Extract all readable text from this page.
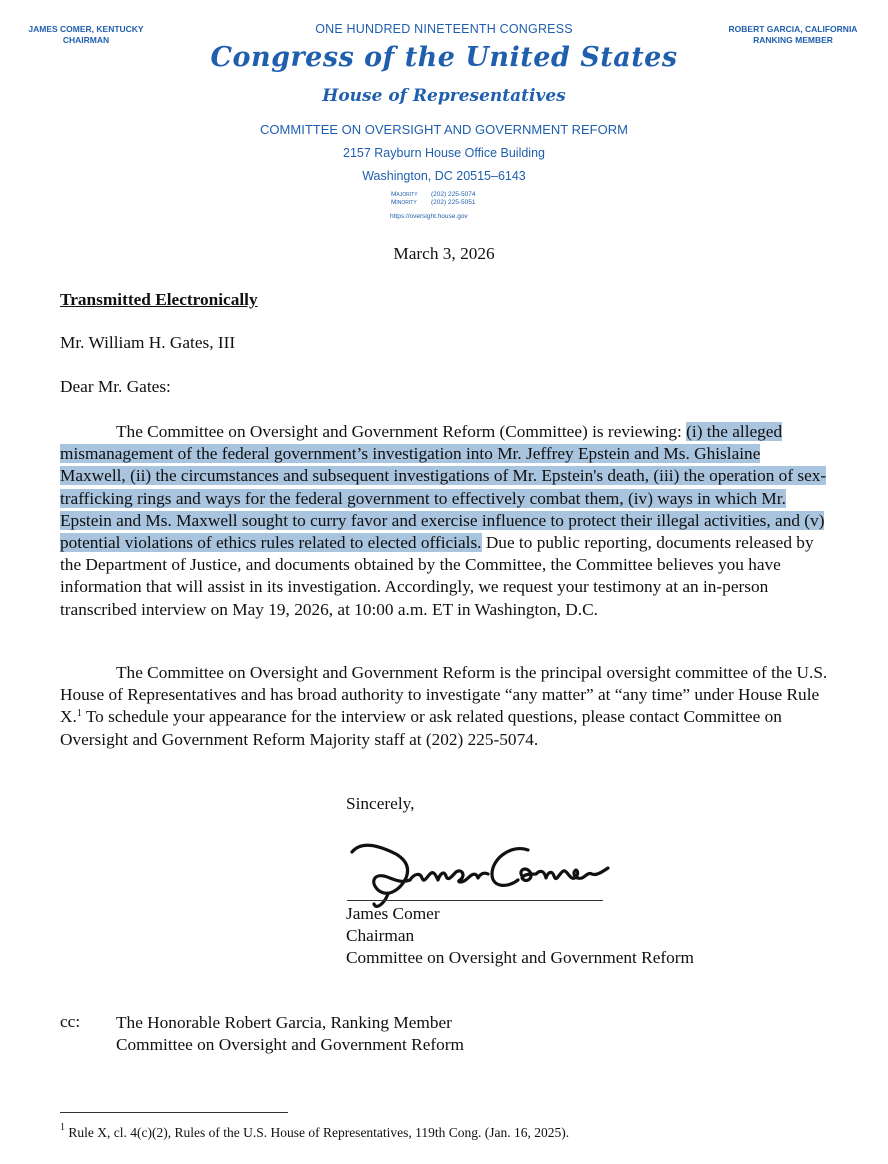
JAMES COMER, KENTUCKY
CHAIRMAN
ROBERT GARCIA, CALIFORNIA
RANKING MEMBER
ONE HUNDRED NINETEENTH CONGRESS
Congress of the United States
House of Representatives
COMMITTEE ON OVERSIGHT AND GOVERNMENT REFORM
2157 Rayburn House Office Building
Washington, DC 20515–6143
Majority (202) 225-5074
Minority (202) 225-5051
https://oversight.house.gov
March 3, 2026
Transmitted Electronically
Mr. William H. Gates, III
Dear Mr. Gates:
The Committee on Oversight and Government Reform (Committee) is reviewing: (i) the alleged mismanagement of the federal government’s investigation into Mr. Jeffrey Epstein and Ms. Ghislaine Maxwell, (ii) the circumstances and subsequent investigations of Mr. Epstein's death, (iii) the operation of sex-trafficking rings and ways for the federal government to effectively combat them, (iv) ways in which Mr. Epstein and Ms. Maxwell sought to curry favor and exercise influence to protect their illegal activities, and (v) potential violations of ethics rules related to elected officials. Due to public reporting, documents released by the Department of Justice, and documents obtained by the Committee, the Committee believes you have information that will assist in its investigation. Accordingly, we request your testimony at an in-person transcribed interview on May 19, 2026, at 10:00 a.m. ET in Washington, D.C.
The Committee on Oversight and Government Reform is the principal oversight committee of the U.S. House of Representatives and has broad authority to investigate “any matter” at “any time” under House Rule X.$^1$ To schedule your appearance for the interview or ask related questions, please contact Committee on Oversight and Government Reform Majority staff at (202) 225-5074.
Sincerely,
James Comer
Chairman
Committee on Oversight and Government Reform
cc: The Honorable Robert Garcia, Ranking Member
Committee on Oversight and Government Reform
$^1$ Rule X, cl. 4(c)(2), Rules of the U.S. House of Representatives, 119th Cong. (Jan. 16, 2025).
